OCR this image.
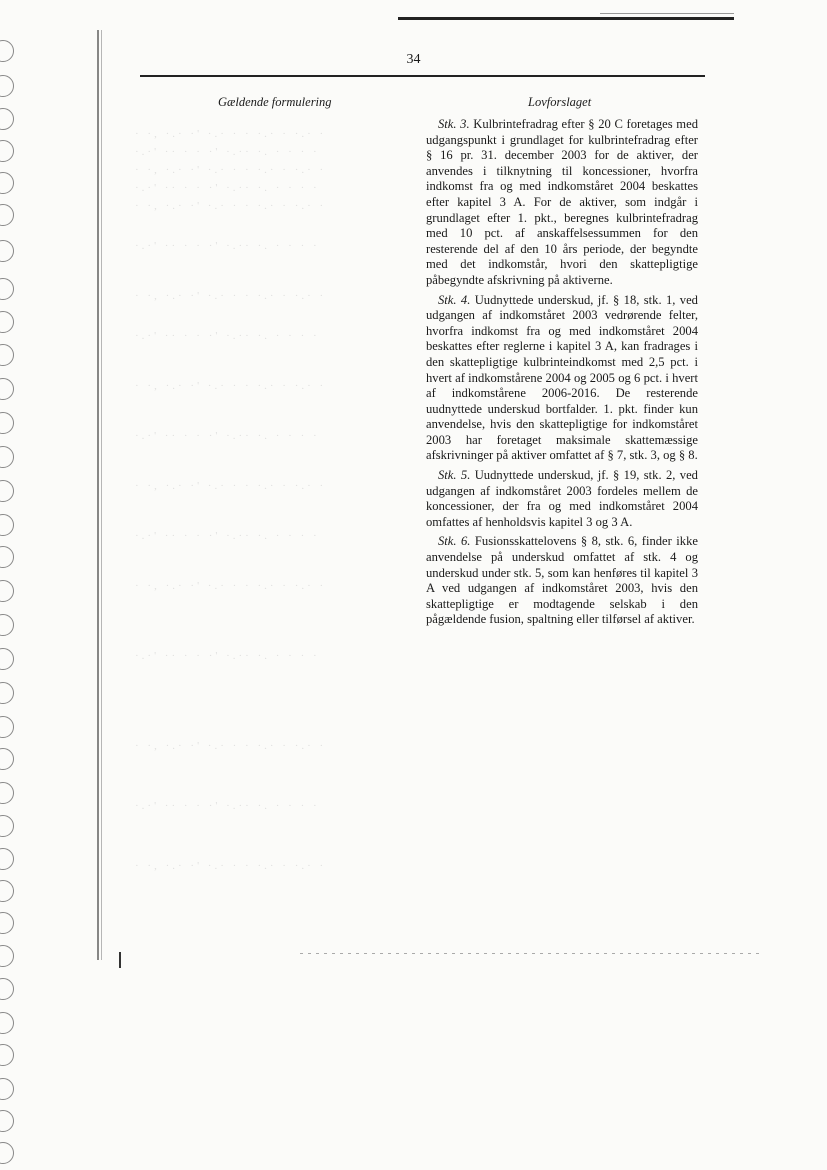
34
Gældende formulering	Lovforslaget
· ·, ·.· ·' ·.· · · ·.· · ·.· ·
·.·' ·· · · ·' ·.·· ·. · · · ·
· ·, ·.· ·' ·.· · · ·.· · ·.· ·
·.·' ·· · · ·' ·.·· ·. · · · ·
· ·, ·.· ·' ·.· · · ·.· · ·.· ·
·.·' ·· · · ·' ·.·· ·. · · · ·
· ·, ·.· ·' ·.· · · ·.· · ·.· ·
·.·' ·· · · ·' ·.·· ·. · · · ·
· ·, ·.· ·' ·.· · · ·.· · ·.· ·
·.·' ·· · · ·' ·.·· ·. · · · ·
· ·, ·.· ·' ·.· · · ·.· · ·.· ·
·.·' ·· · · ·' ·.·· ·. · · · ·
· ·, ·.· ·' ·.· · · ·.· · ·.· ·
·.·' ·· · · ·' ·.·· ·. · · · ·
· ·, ·.· ·' ·.· · · ·.· · ·.· ·
·.·' ·· · · ·' ·.·· ·. · · · ·
· ·, ·.· ·' ·.· · · ·.· · ·.· ·

Stk. 3. Kulbrintefradrag efter § 20 C foretages med udgangspunkt i grundlaget for kulbrintefradrag efter § 16 pr. 31. december 2003 for de aktiver, der anvendes i tilknytning til koncessioner, hvorfra indkomst fra og med indkomståret 2004 beskattes efter kapitel 3 A. For de aktiver, som indgår i grundlaget efter 1. pkt., beregnes kulbrintefradrag med 10 pct. af anskaffelsessummen for den resterende del af den 10 års periode, der begyndte med det indkomstår, hvori den skattepligtige påbegyndte afskrivning på aktiverne.

Stk. 4. Uudnyttede underskud, jf. § 18, stk. 1, ved udgangen af indkomståret 2003 vedrørende felter, hvorfra indkomst fra og med indkomståret 2004 beskattes efter reglerne i kapitel 3 A, kan fradrages i den skattepligtige kulbrinteindkomst med 2,5 pct. i hvert af indkomstårene 2004 og 2005 og 6 pct. i hvert af indkomstårene 2006-2016. De resterende uudnyttede underskud bortfalder. 1. pkt. finder kun anvendelse, hvis den skattepligtige for indkomståret 2003 har foretaget maksimale skattemæssige afskrivninger på aktiver omfattet af § 7, stk. 3, og § 8.

Stk. 5. Uudnyttede underskud, jf. § 19, stk. 2, ved udgangen af indkomståret 2003 fordeles mellem de koncessioner, der fra og med indkomståret 2004 omfattes af henholdsvis kapitel 3 og 3 A.

Stk. 6. Fusionsskattelovens § 8, stk. 6, finder ikke anvendelse på underskud omfattet af stk. 4 og underskud under stk. 5, som kan henføres til kapitel 3 A ved udgangen af indkomståret 2003, hvis den skattepligtige er modtagende selskab i den pågældende fusion, spaltning eller tilførsel af aktiver.
